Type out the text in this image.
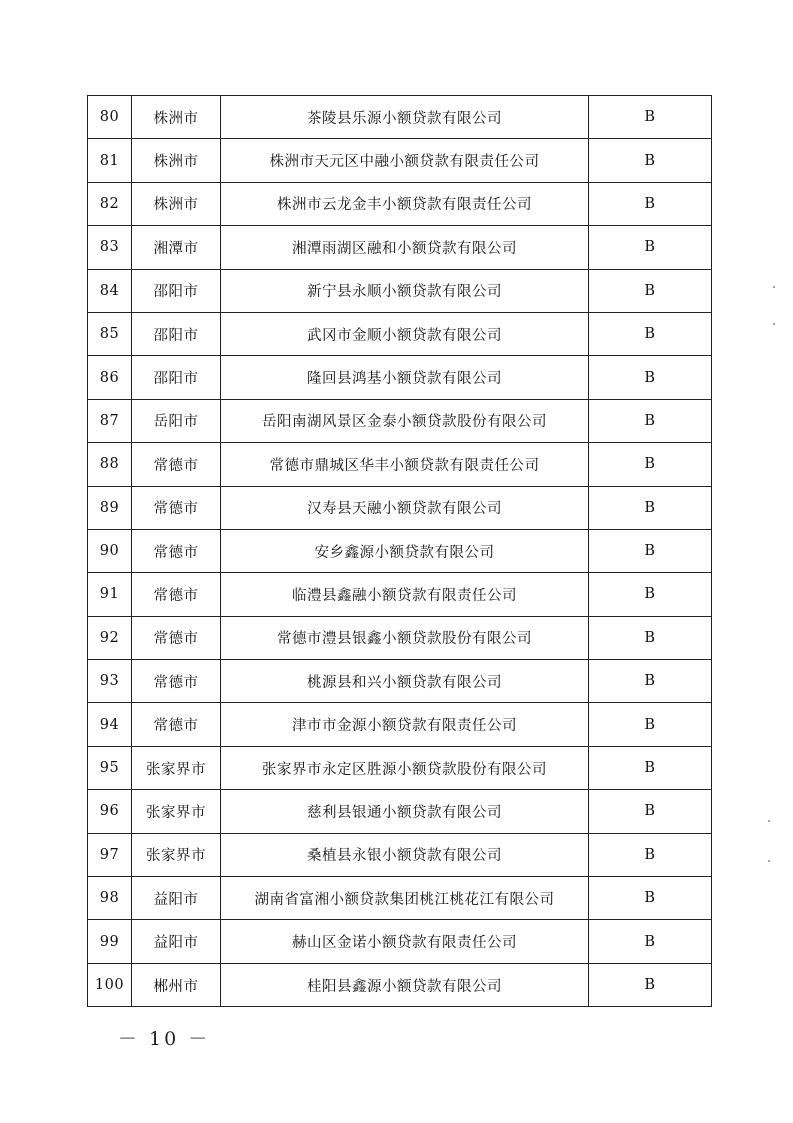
80	株洲市	茶陵县乐源小额贷款有限公司	B
81	株洲市	株洲市天元区中融小额贷款有限责任公司	B
82	株洲市	株洲市云龙金丰小额贷款有限责任公司	B
83	湘潭市	湘潭雨湖区融和小额贷款有限公司	B
84	邵阳市	新宁县永顺小额贷款有限公司	B
85	邵阳市	武冈市金顺小额贷款有限公司	B
86	邵阳市	隆回县鸿基小额贷款有限公司	B
87	岳阳市	岳阳南湖风景区金泰小额贷款股份有限公司	B
88	常德市	常德市鼎城区华丰小额贷款有限责任公司	B
89	常德市	汉寿县天融小额贷款有限公司	B
90	常德市	安乡鑫源小额贷款有限公司	B
91	常德市	临澧县鑫融小额贷款有限责任公司	B
92	常德市	常德市澧县银鑫小额贷款股份有限公司	B
93	常德市	桃源县和兴小额贷款有限公司	B
94	常德市	津市市金源小额贷款有限责任公司	B
95	张家界市	张家界市永定区胜源小额贷款股份有限公司	B
96	张家界市	慈利县银通小额贷款有限公司	B
97	张家界市	桑植县永银小额贷款有限公司	B
98	益阳市	湖南省富湘小额贷款集团桃江桃花江有限公司	B
99	益阳市	赫山区金诺小额贷款有限责任公司	B
100	郴州市	桂阳县鑫源小额贷款有限公司	B
－ 10 －
